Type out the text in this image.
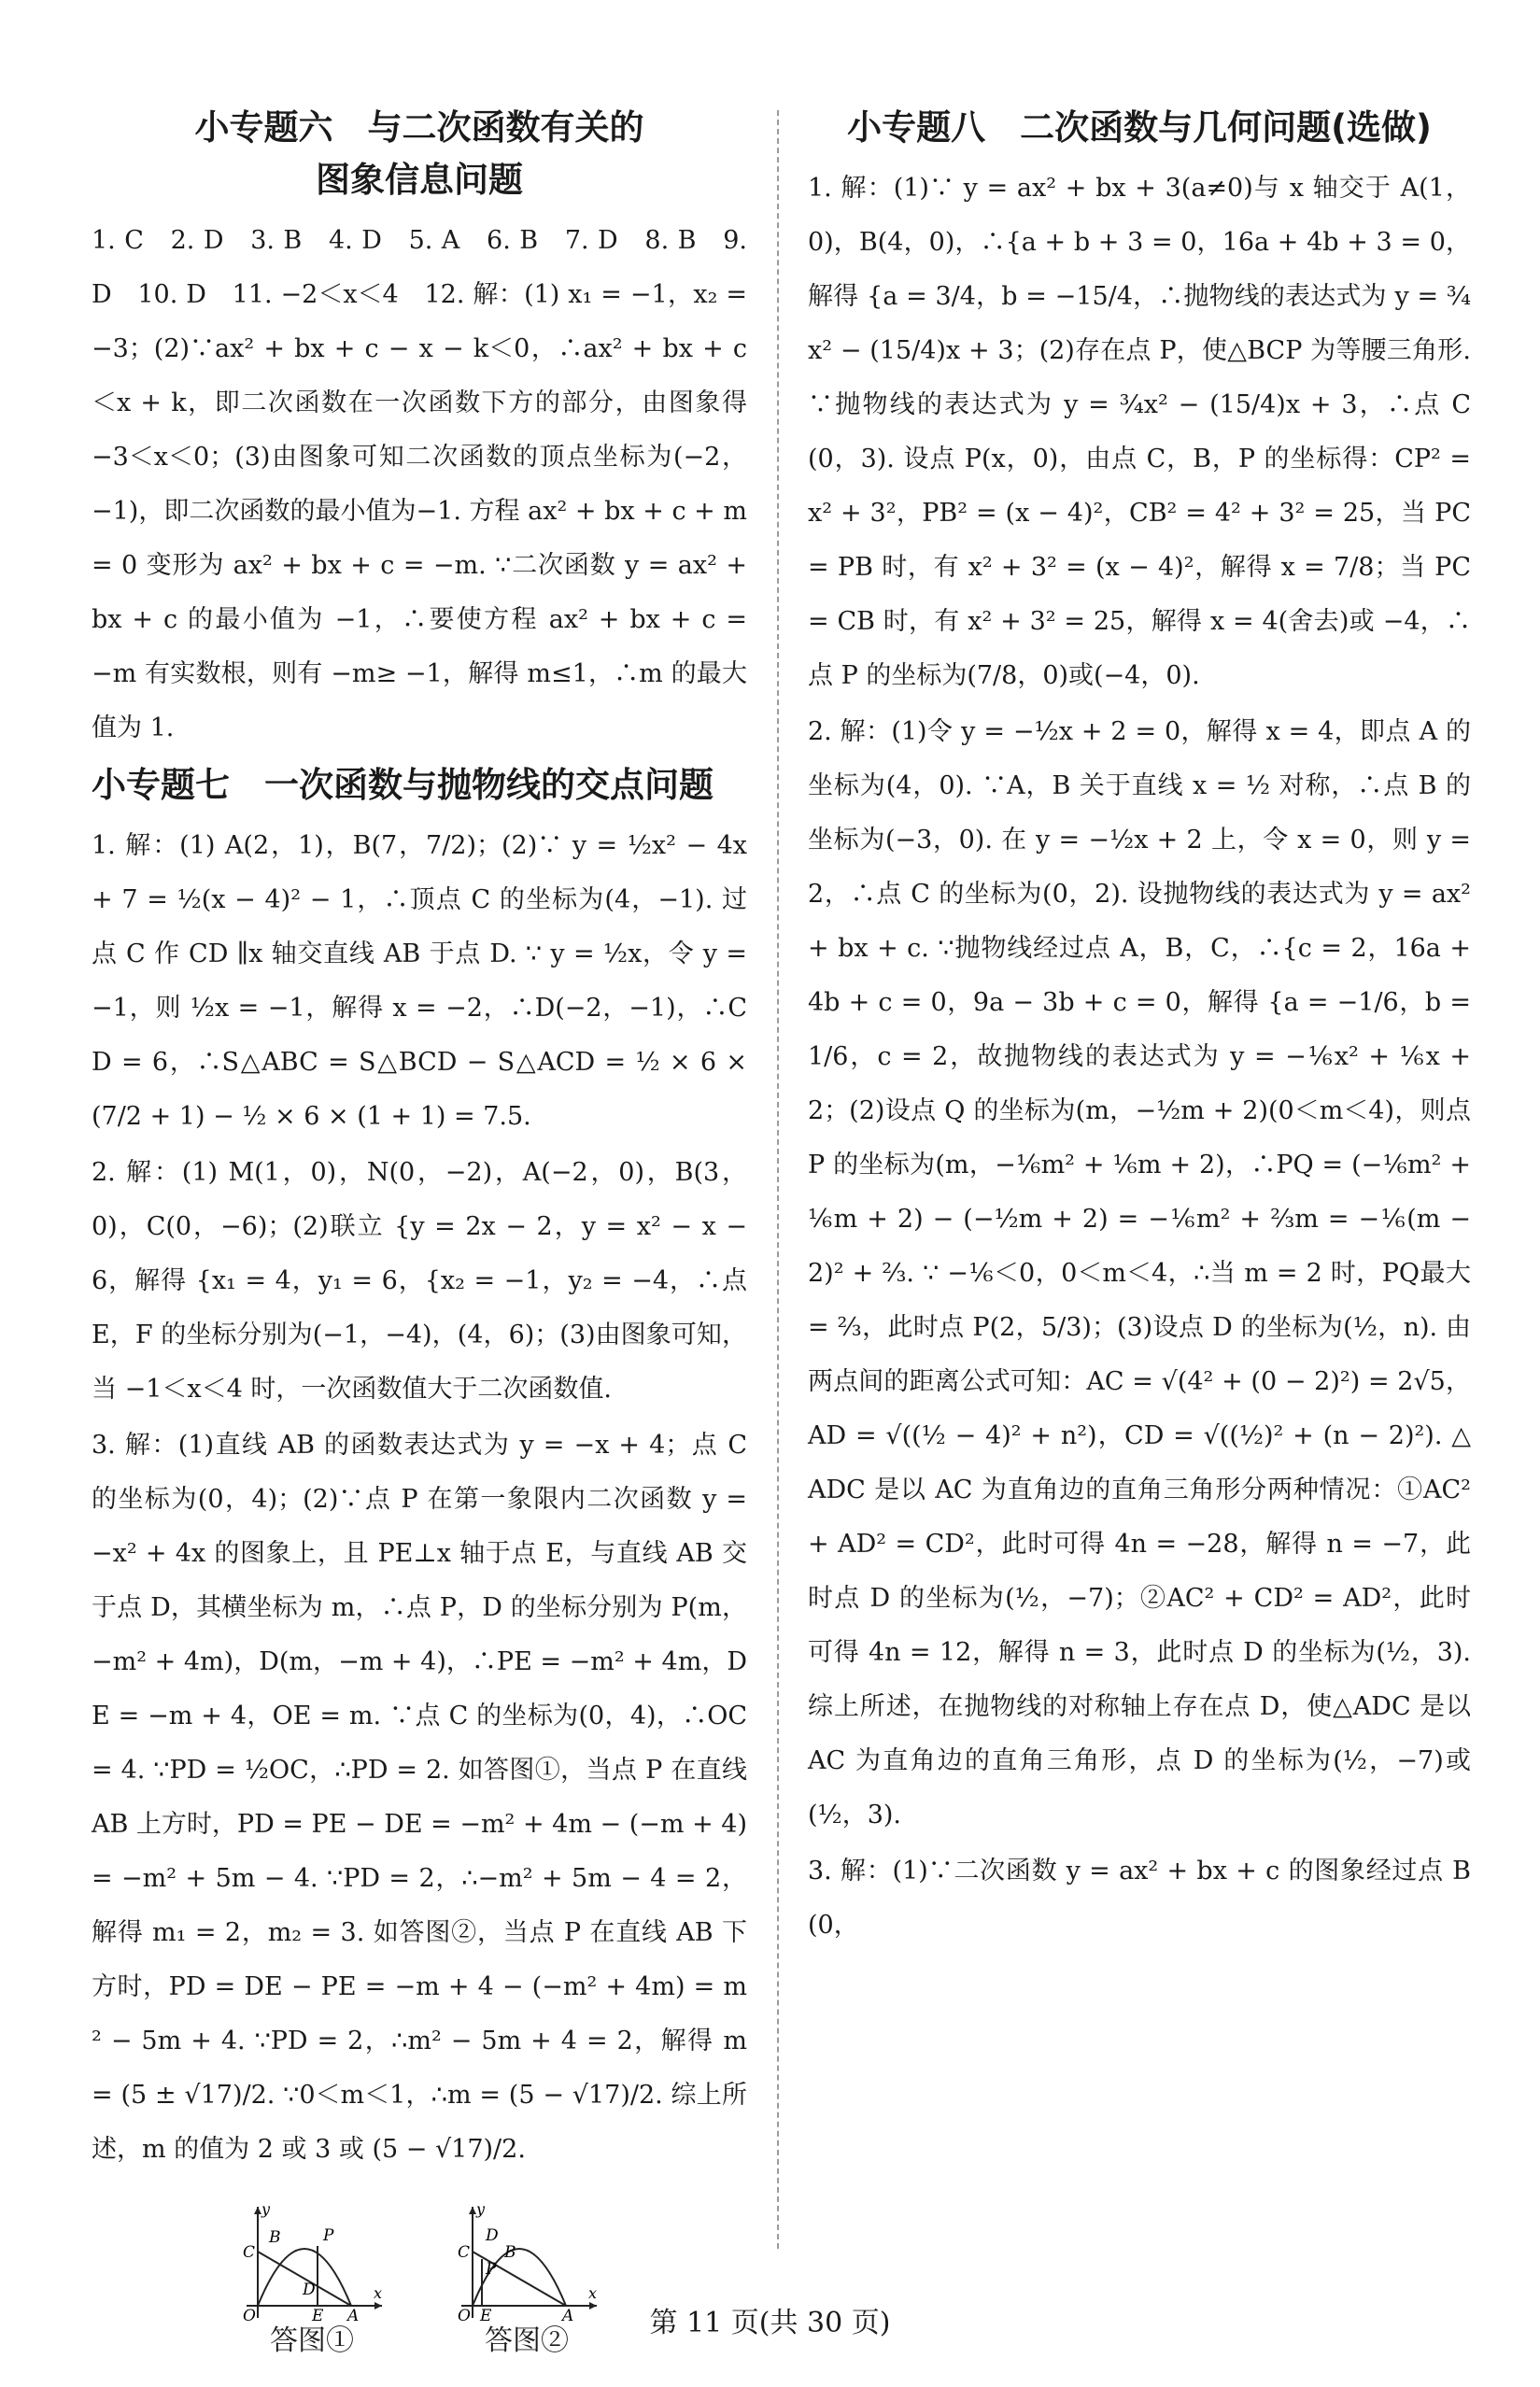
小专题六　与二次函数有关的
图象信息问题
1. C　2. D　3. B　4. D　5. A　6. B　7. D　8. B　9. D　10. D　11. −2＜x＜4　12. 解：(1) x₁ = −1，x₂ = −3；(2)∵ax² + bx + c − x − k＜0，∴ax² + bx + c＜x + k，即二次函数在一次函数下方的部分，由图象得 −3＜x＜0；(3)由图象可知二次函数的顶点坐标为(−2，−1)，即二次函数的最小值为−1. 方程 ax² + bx + c + m = 0 变形为 ax² + bx + c = −m. ∵二次函数 y = ax² + bx + c 的最小值为 −1，∴要使方程 ax² + bx + c = −m 有实数根，则有 −m≥ −1，解得 m≤1，∴m 的最大值为 1.
小专题七　一次函数与抛物线的交点问题
1. 解：(1) A(2，1)，B(7，7/2)；(2)∵ y = ½x² − 4x + 7 = ½(x − 4)² − 1，∴顶点 C 的坐标为(4，−1). 过点 C 作 CD ∥x 轴交直线 AB 于点 D. ∵ y = ½x，令 y = −1，则 ½x = −1，解得 x = −2，∴D(−2，−1)，∴CD = 6，∴S△ABC = S△BCD − S△ACD = ½ × 6 × (7/2 + 1) − ½ × 6 × (1 + 1) = 7.5.
2. 解：(1) M(1，0)，N(0，−2)，A(−2，0)，B(3，0)，C(0，−6)；(2)联立 {y = 2x − 2，y = x² − x − 6，解得 {x₁ = 4，y₁ = 6，{x₂ = −1，y₂ = −4，∴点 E，F 的坐标分别为(−1，−4)，(4，6)；(3)由图象可知，当 −1＜x＜4 时，一次函数值大于二次函数值.
3. 解：(1)直线 AB 的函数表达式为 y = −x + 4；点 C 的坐标为(0，4)；(2)∵点 P 在第一象限内二次函数 y = −x² + 4x 的图象上，且 PE⊥x 轴于点 E，与直线 AB 交于点 D，其横坐标为 m，∴点 P，D 的坐标分别为 P(m，−m² + 4m)，D(m，−m + 4)，∴PE = −m² + 4m，DE = −m + 4，OE = m. ∵点 C 的坐标为(0，4)，∴OC = 4. ∵PD = ½OC，∴PD = 2. 如答图①，当点 P 在直线 AB 上方时，PD = PE − DE = −m² + 4m − (−m + 4) = −m² + 5m − 4. ∵PD = 2，∴−m² + 5m − 4 = 2，解得 m₁ = 2，m₂ = 3. 如答图②，当点 P 在直线 AB 下方时，PD = DE − PE = −m + 4 − (−m² + 4m) = m² − 5m + 4. ∵PD = 2，∴m² − 5m + 4 = 2，解得 m = (5 ± √17)/2. ∵0＜m＜1，∴m = (5 − √17)/2. 综上所述，m 的值为 2 或 3 或 (5 − √17)/2.
y
x
O
C
B	P
D
E A
答图①
y
x
O
C
D
P
B
E	A
答图②
小专题八　二次函数与几何问题(选做)
1. 解：(1)∵ y = ax² + bx + 3(a≠0)与 x 轴交于 A(1，0)，B(4，0)，∴{a + b + 3 = 0，16a + 4b + 3 = 0，解得 {a = 3/4，b = −15/4，∴抛物线的表达式为 y = ¾x² − (15/4)x + 3；(2)存在点 P，使△BCP 为等腰三角形. ∵抛物线的表达式为 y = ¾x² − (15/4)x + 3，∴点 C(0，3). 设点 P(x，0)，由点 C，B，P 的坐标得：CP² = x² + 3²，PB² = (x − 4)²，CB² = 4² + 3² = 25，当 PC = PB 时，有 x² + 3² = (x − 4)²，解得 x = 7/8；当 PC = CB 时，有 x² + 3² = 25，解得 x = 4(舍去)或 −4，∴点 P 的坐标为(7/8，0)或(−4，0).
2. 解：(1)令 y = −½x + 2 = 0，解得 x = 4，即点 A 的坐标为(4，0). ∵A，B 关于直线 x = ½ 对称，∴点 B 的坐标为(−3，0). 在 y = −½x + 2 上，令 x = 0，则 y = 2，∴点 C 的坐标为(0，2). 设抛物线的表达式为 y = ax² + bx + c. ∵抛物线经过点 A，B，C，∴{c = 2，16a + 4b + c = 0，9a − 3b + c = 0，解得 {a = −1/6，b = 1/6，c = 2，故抛物线的表达式为 y = −⅙x² + ⅙x + 2；(2)设点 Q 的坐标为(m，−½m + 2)(0＜m＜4)，则点 P 的坐标为(m，−⅙m² + ⅙m + 2)，∴PQ = (−⅙m² + ⅙m + 2) − (−½m + 2) = −⅙m² + ⅔m = −⅙(m − 2)² + ⅔. ∵ −⅙＜0，0＜m＜4，∴当 m = 2 时，PQ最大 = ⅔，此时点 P(2，5/3)；(3)设点 D 的坐标为(½，n). 由两点间的距离公式可知：AC = √(4² + (0 − 2)²) = 2√5，AD = √((½ − 4)² + n²)，CD = √((½)² + (n − 2)²). △ADC 是以 AC 为直角边的直角三角形分两种情况：①AC² + AD² = CD²，此时可得 4n = −28，解得 n = −7，此时点 D 的坐标为(½，−7)；②AC² + CD² = AD²，此时可得 4n = 12，解得 n = 3，此时点 D 的坐标为(½，3). 综上所述，在抛物线的对称轴上存在点 D，使△ADC 是以 AC 为直角边的直角三角形，点 D 的坐标为(½，−7)或(½，3).
3. 解：(1)∵二次函数 y = ax² + bx + c 的图象经过点 B(0，
第 11 页(共 30 页)
